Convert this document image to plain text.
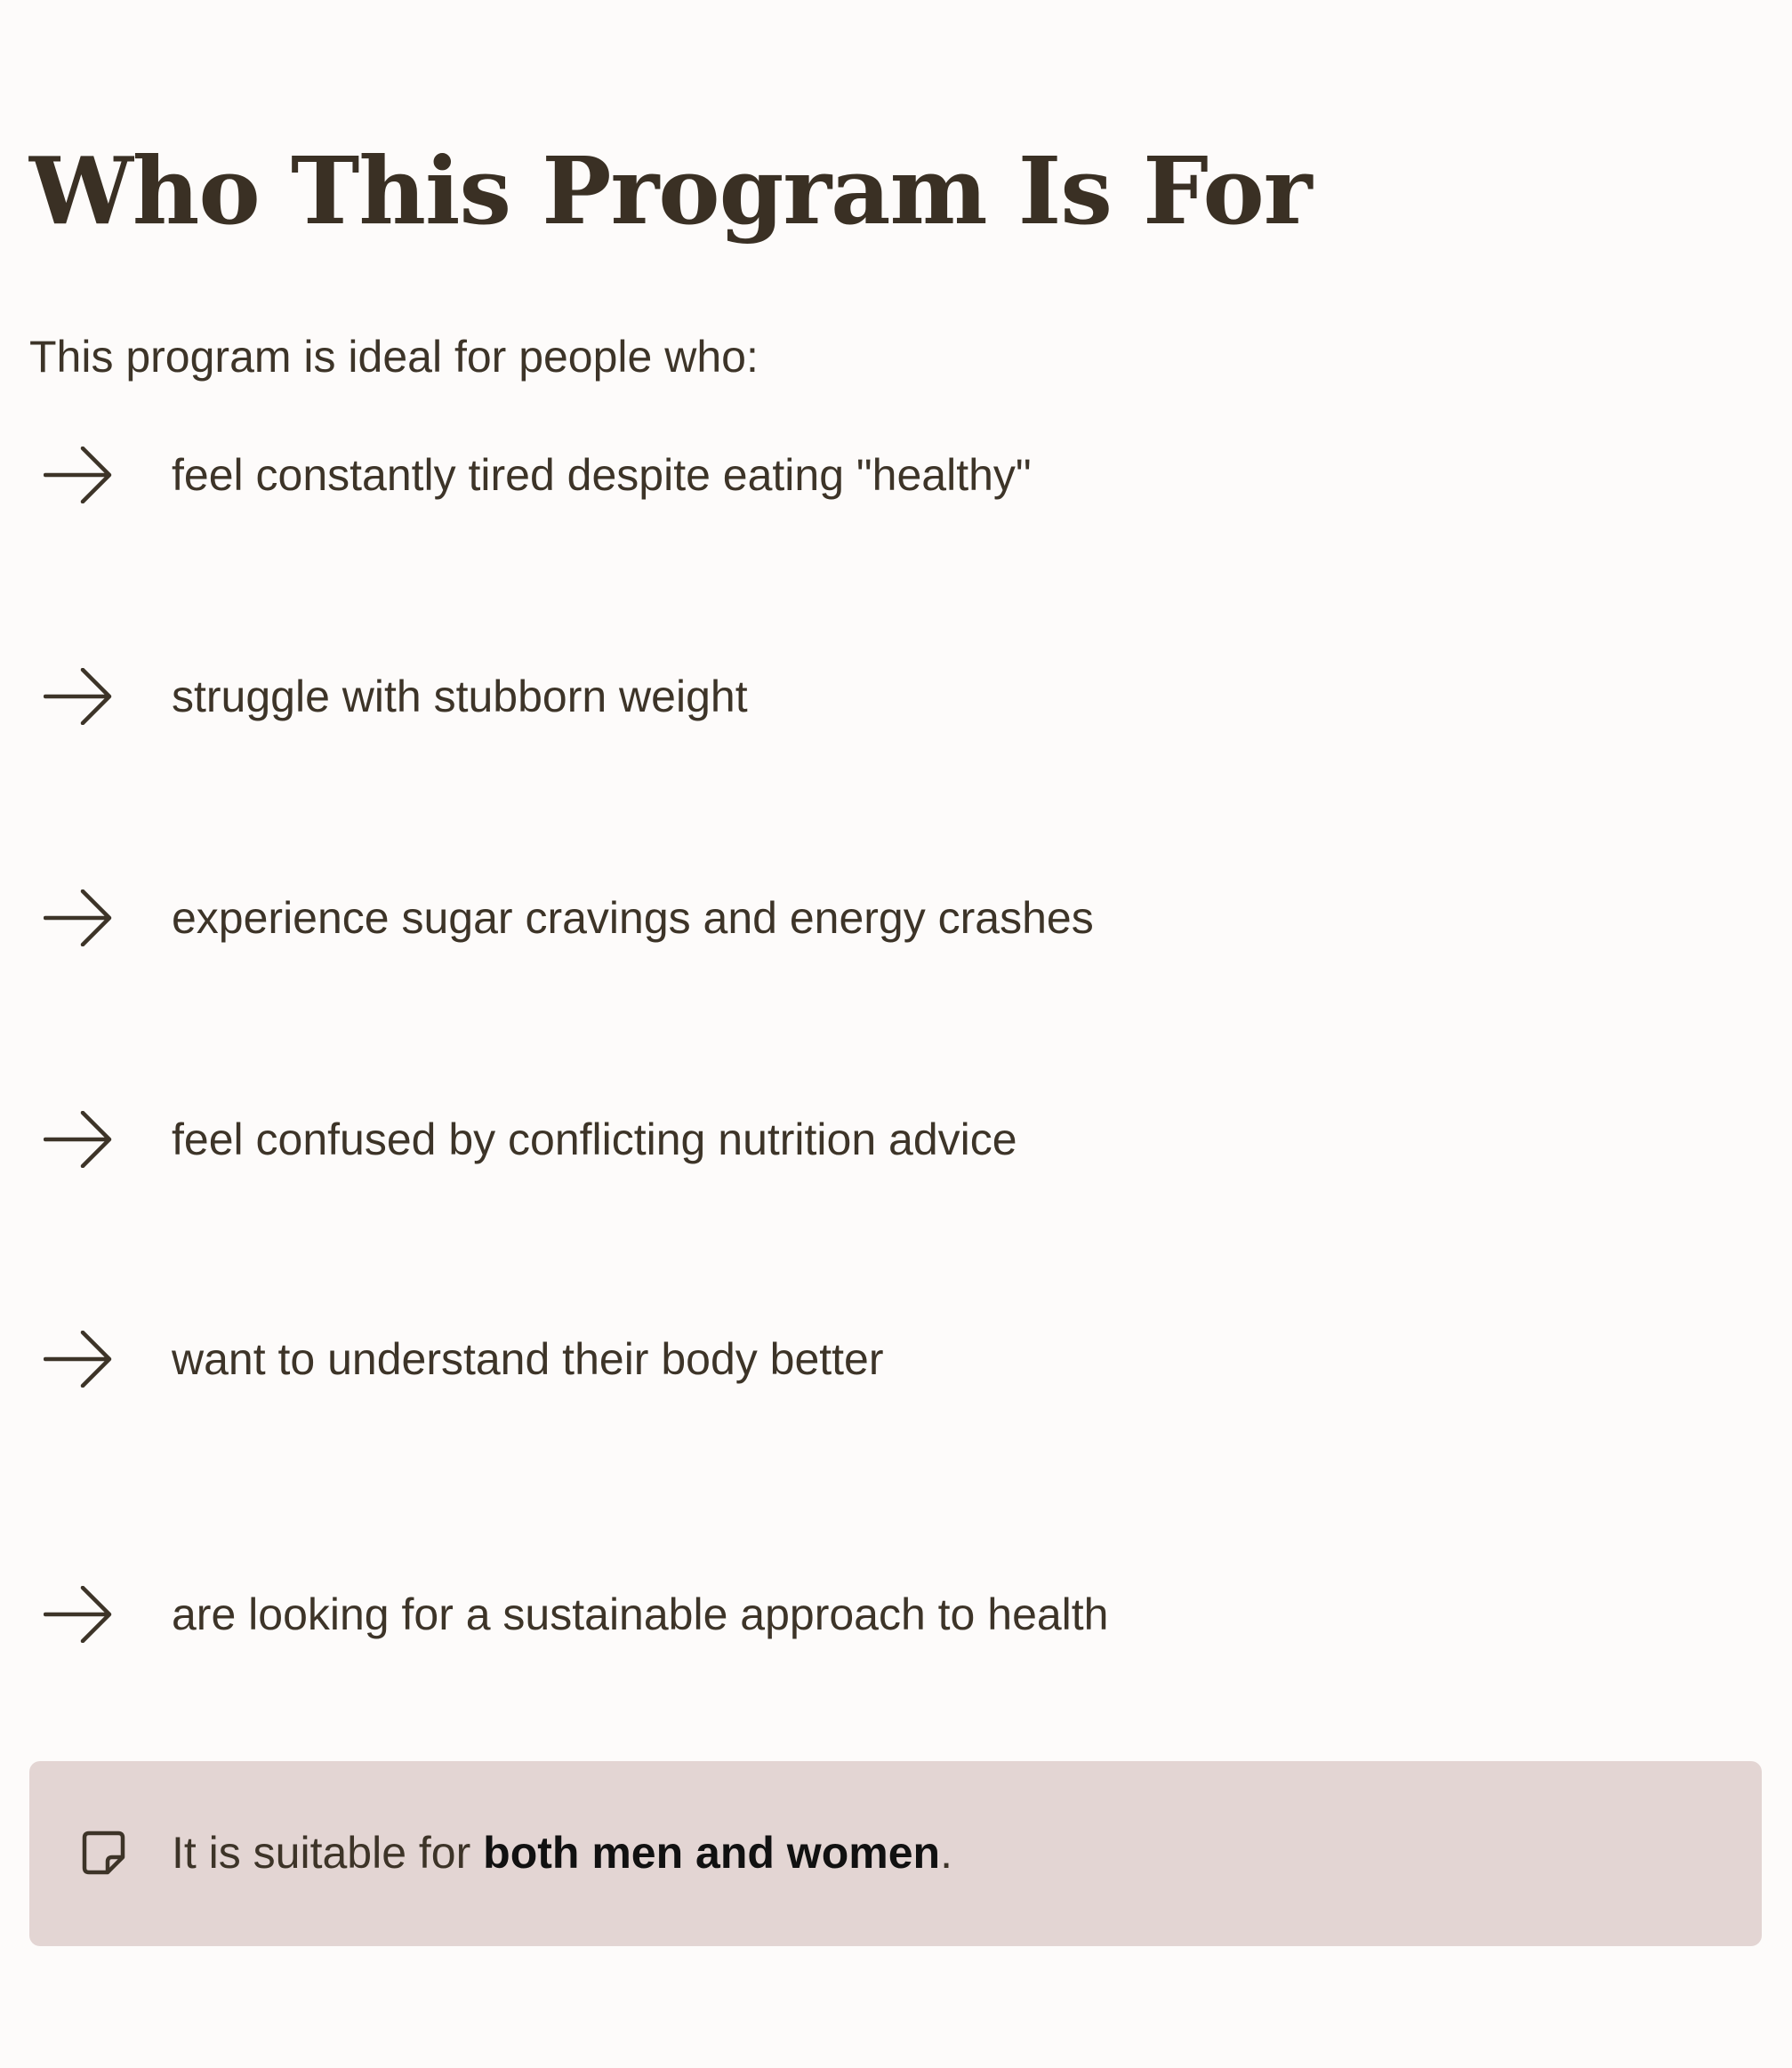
Who This Program Is For
This program is ideal for people who:
feel constantly tired despite eating "healthy"
struggle with stubborn weight
experience sugar cravings and energy crashes
feel confused by conflicting nutrition advice
want to understand their body better
are looking for a sustainable approach to health
It is suitable for both men and women.
